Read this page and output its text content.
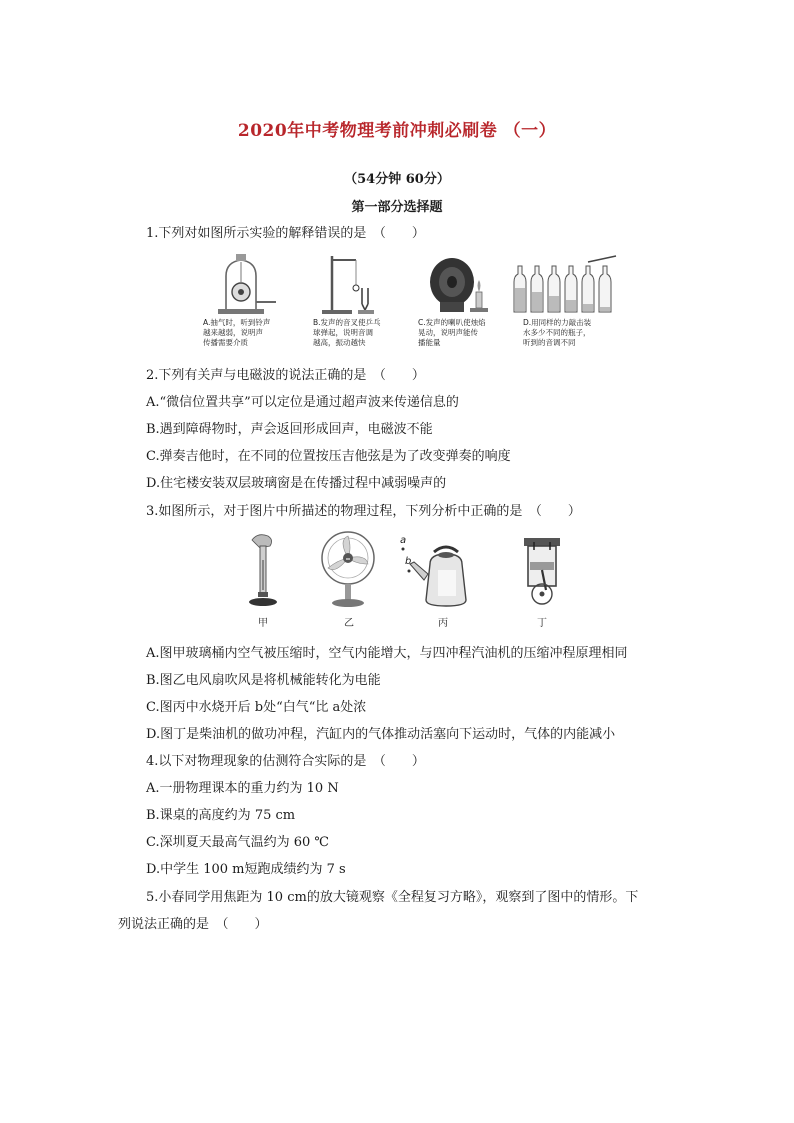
2020年中考物理考前冲刺必刷卷 （一）
（54分钟 60分）
第一部分选择题
1.下列对如图所示实验的解释错误的是　（　　）
A.抽气时，听到铃声
越来越弱，说明声
传播需要介质
B.发声的音叉使乒乓
球弹起，说明音调
越高，振动越快
C.发声的喇叭使烛焰
晃动，说明声能传
播能量
D.用同样的力敲击装
水多少不同的瓶子，
听到的音调不同
2.下列有关声与电磁波的说法正确的是　（　　）
A.“微信位置共享”可以定位是通过超声波来传递信息的
B.遇到障碍物时，声会返回形成回声，电磁波不能
C.弹奏吉他时，在不同的位置按压吉他弦是为了改变弹奏的响度
D.住宅楼安装双层玻璃窗是在传播过程中减弱噪声的
3.如图所示，对于图片中所描述的物理过程，下列分析中正确的是　（　　）
甲	乙
a
b
丙	丁
A.图甲玻璃桶内空气被压缩时，空气内能增大，与四冲程汽油机的压缩冲程原理相同
B.图乙电风扇吹风是将机械能转化为电能
C.图丙中水烧开后 b处“白气“比 a处浓
D.图丁是柴油机的做功冲程，汽缸内的气体推动活塞向下运动时，气体的内能减小
4.以下对物理现象的估测符合实际的是　（　　）
A.一册物理课本的重力约为 10 N
B.课桌的高度约为 75 cm
C.深圳夏天最高气温约为 60 ℃
D.中学生 100 m短跑成绩约为 7 s
5.小春同学用焦距为 10 cm的放大镜观察《全程复习方略》，观察到了图中的情形。下
列说法正确的是　（　　）
